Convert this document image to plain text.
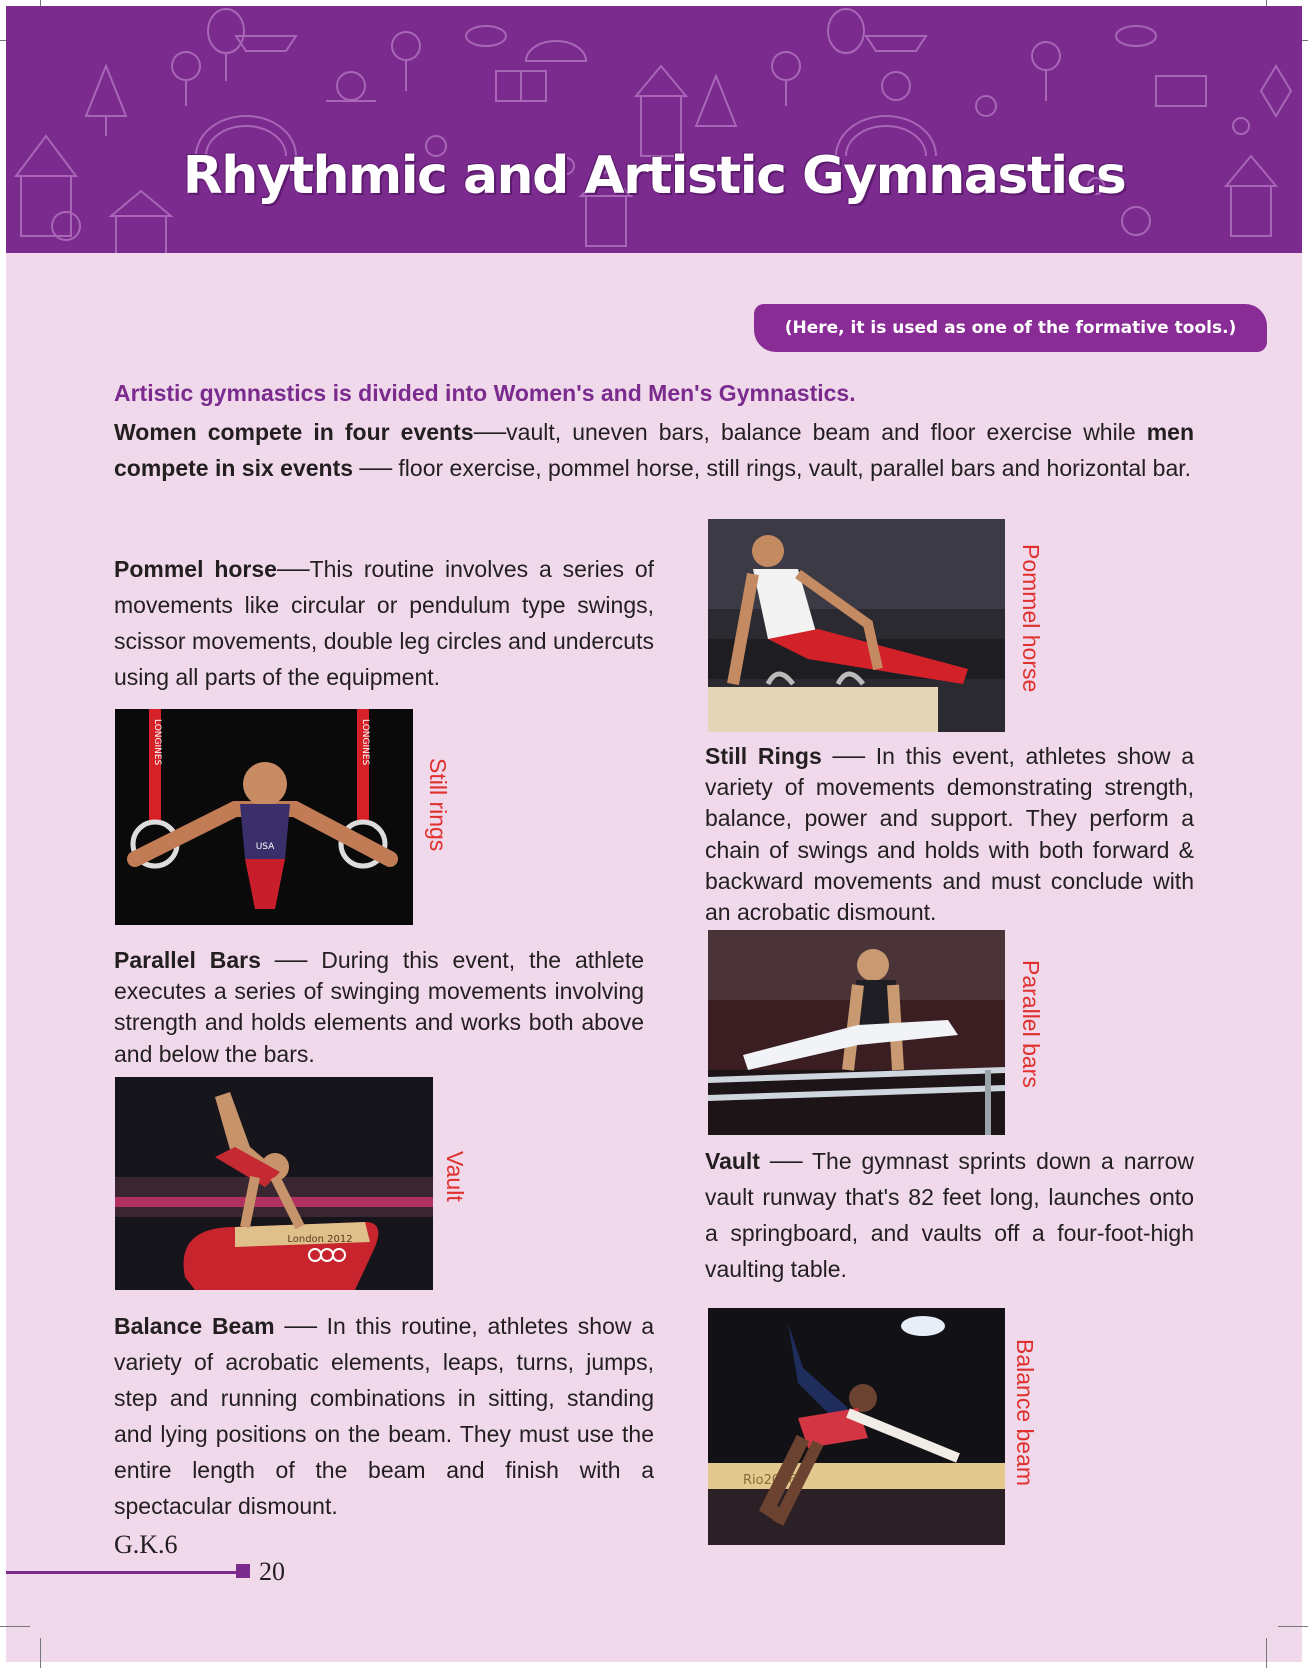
Rhythmic and Artistic Gymnastics
(Here, it is used as one of the formative tools.)
Artistic gymnastics is divided into Women's and Men's Gymnastics.
Women compete in four events──vault, uneven bars, balance beam and floor exercise while men compete in six events ── floor exercise, pommel horse, still rings, vault, parallel bars and horizontal bar.
Pommel horse──This routine involves a series of movements like circular or pendulum type swings, scissor movements, double leg circles and undercuts using all parts of the equipment.	Pommel horse
LONGINES	LONGINES
USA	Still rings
Still Rings ── In this event, athletes show a variety of movements demonstrating strength, balance, power and support. They perform a chain of swings and holds with both forward & backward movements and must conclude with an acrobatic dismount.
Parallel Bars ── During this event, the athlete executes a series of swinging movements involving strength and holds elements and works both above and below the bars.	Parallel bars
London 2012
Vault	Vault ── The gymnast sprints down a narrow vault runway that's 82 feet long, launches onto a springboard, and vaults off a four-foot-high vaulting table.
Balance Beam ── In this routine, athletes show a variety of acrobatic elements, leaps, turns, jumps, step and running combinations in sitting, standing and lying positions on the beam. They must use the entire length of the beam and finish with a spectacular dismount.
Rio2016	Balance beam
G.K.6
20
